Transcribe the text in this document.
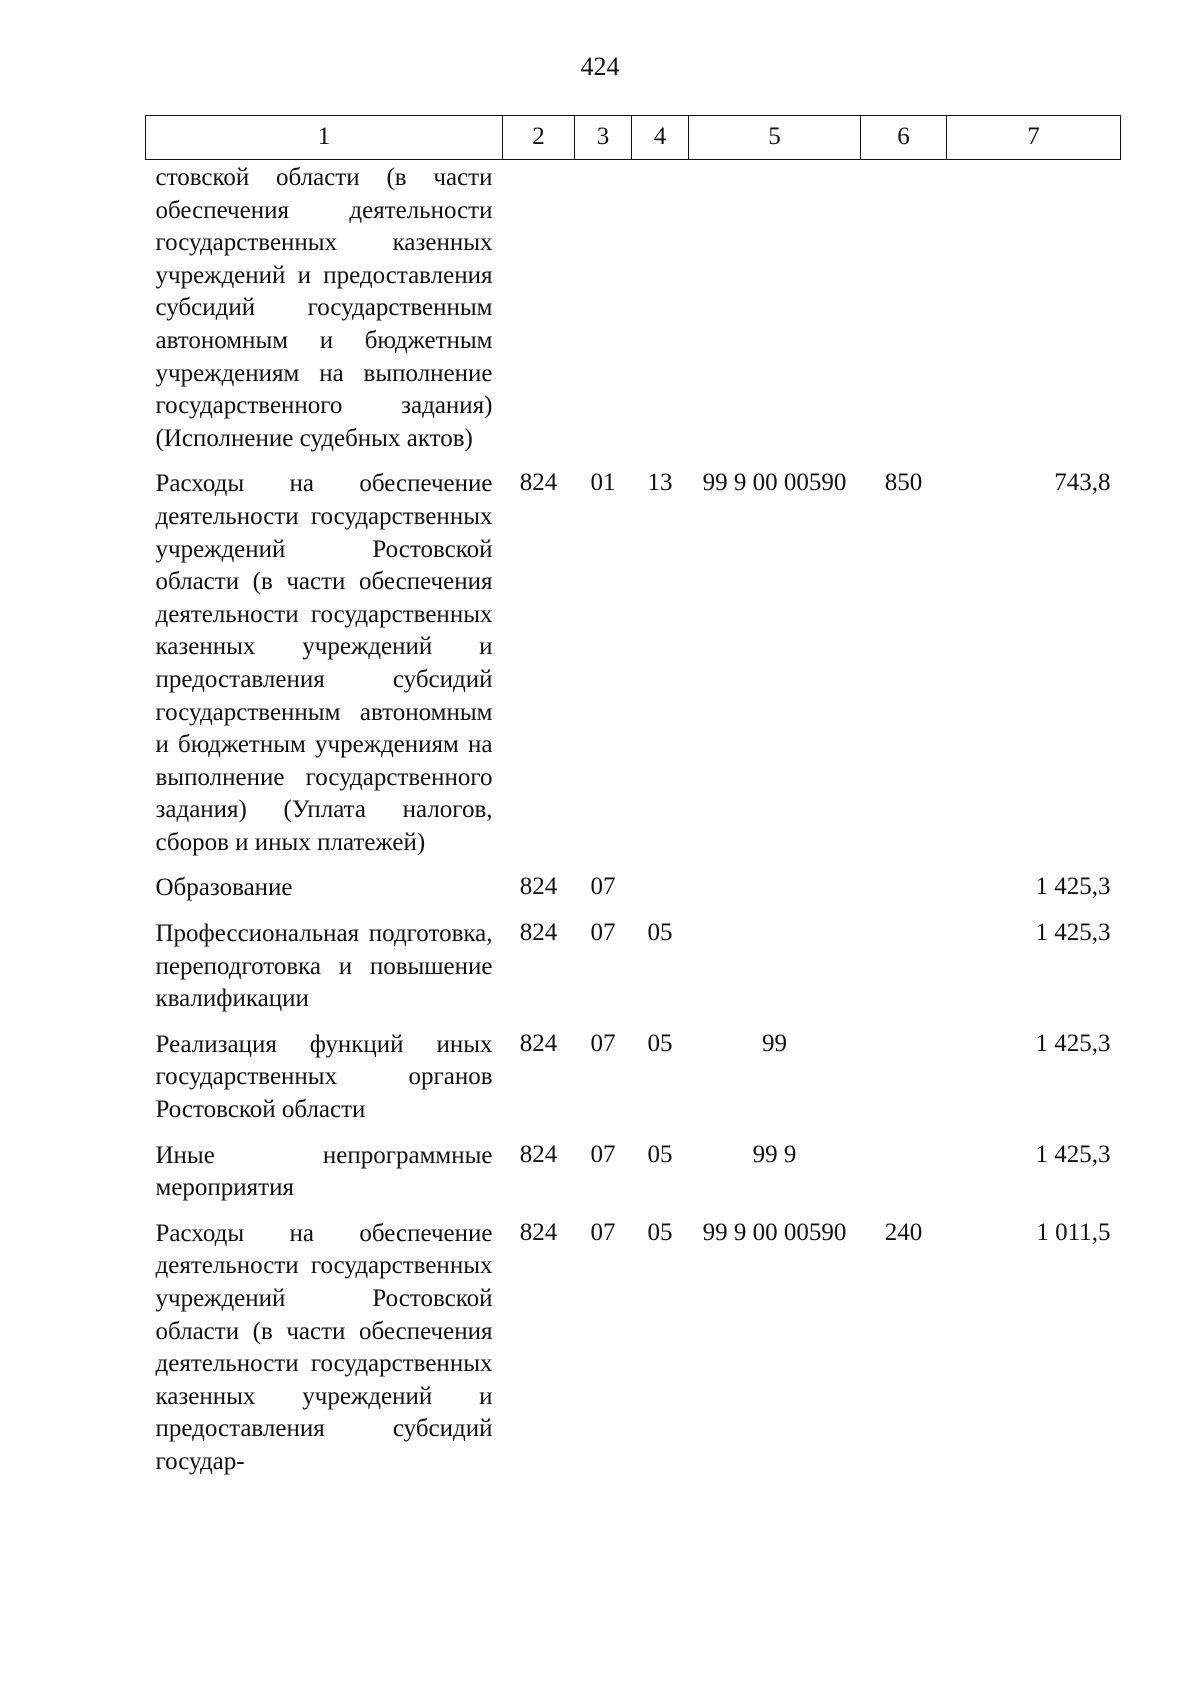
424
1	2	3	4	5	6	7
стовской области (в части обеспечения деятельности государственных казенных учреждений и предоставления субсидий государственным автономным и бюджетным учреждениям на выполнение государственного задания) (Исполнение судебных актов)						
Расходы на обеспечение деятельности государственных учреждений Ростовской области (в части обеспечения деятельности государственных казенных учреждений и предоставления субсидий государственным автономным и бюджетным учреждениям на выполнение государственного задания) (Уплата налогов, сборов и иных платежей)	824	01	13	99 9 00 00590	850	743,8
Образование	824	07				1 425,3
Профессиональная подготовка, переподготовка и повышение квалификации	824	07	05			1 425,3
Реализация функций иных государственных органов Ростовской области	824	07	05	99		1 425,3
Иные непрограммные мероприятия	824	07	05	99 9		1 425,3
Расходы на обеспечение деятельности государственных учреждений Ростовской области (в части обеспечения деятельности государственных казенных учреждений и предоставления субсидий государ-	824	07	05	99 9 00 00590	240	1 011,5
